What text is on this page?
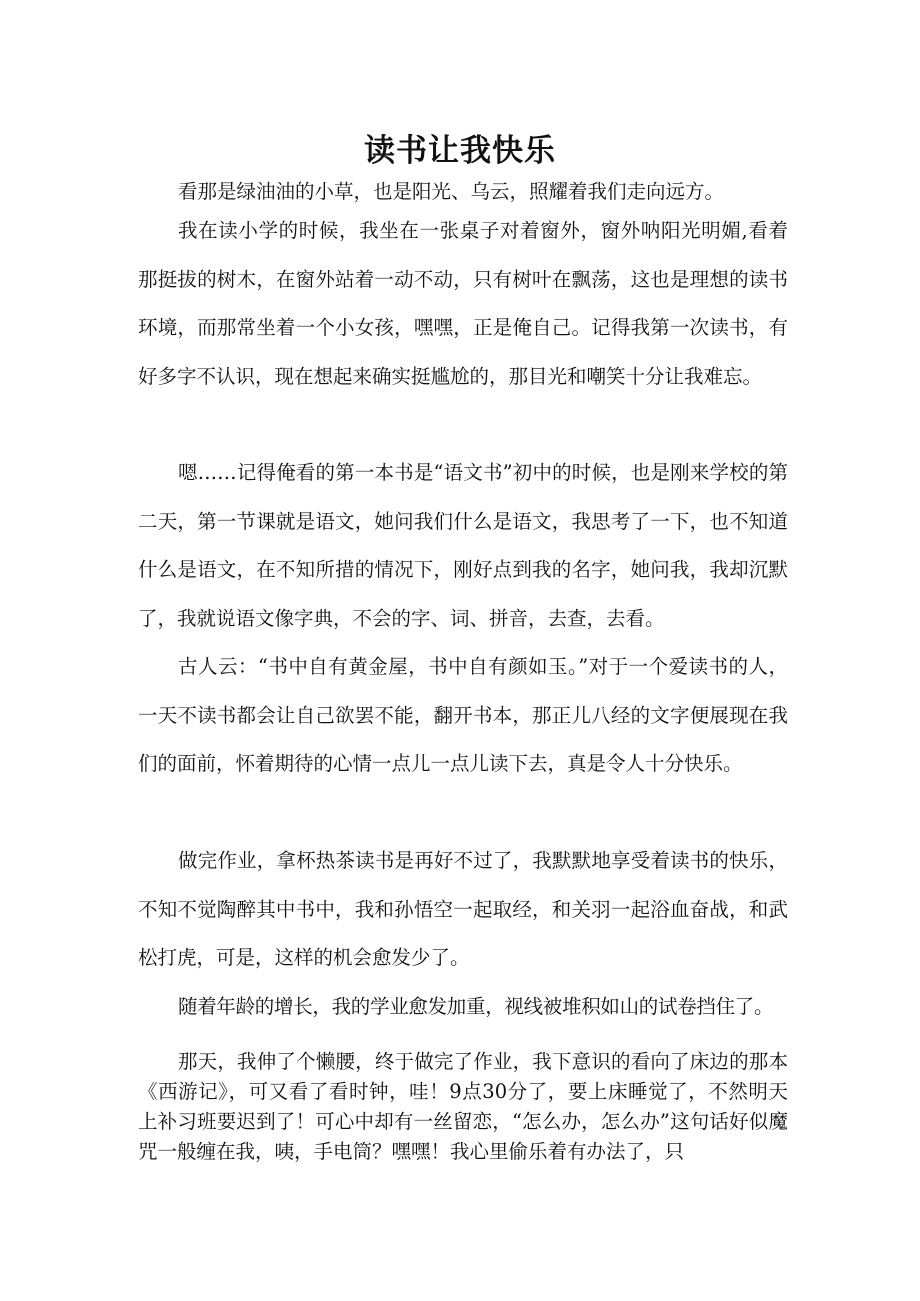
读书让我快乐

看那是绿油油的小草，也是阳光、乌云，照耀着我们走向远方。

我在读小学的时候，我坐在一张桌子对着窗外，窗外呐阳光明媚,看着那挺拔的树木，在窗外站着一动不动，只有树叶在飘荡，这也是理想的读书环境，而那常坐着一个小女孩，嘿嘿，正是俺自己。记得我第一次读书，有好多字不认识，现在想起来确实挺尴尬的，那目光和嘲笑十分让我难忘。

嗯……记得俺看的第一本书是“语文书”初中的时候，也是刚来学校的第二天，第一节课就是语文，她问我们什么是语文，我思考了一下，也不知道什么是语文，在不知所措的情况下，刚好点到我的名字，她问我，我却沉默了，我就说语文像字典，不会的字、词、拼音，去查，去看。

古人云：“书中自有黄金屋，书中自有颜如玉。”对于一个爱读书的人，一天不读书都会让自己欲罢不能，翻开书本，那正儿八经的文字便展现在我们的面前，怀着期待的心情一点儿一点儿读下去，真是令人十分快乐。

做完作业，拿杯热茶读书是再好不过了，我默默地享受着读书的快乐，不知不觉陶醉其中书中，我和孙悟空一起取经，和关羽一起浴血奋战，和武松打虎，可是，这样的机会愈发少了。

随着年龄的增长，我的学业愈发加重，视线被堆积如山的试卷挡住了。

那天，我伸了个懒腰，终于做完了作业，我下意识的看向了床边的那本《西游记》，可又看了看时钟，哇！9点30分了，要上床睡觉了，不然明天上补习班要迟到了！可心中却有一丝留恋，“怎么办，怎么办”这句话好似魔咒一般缠在我，咦，手电筒？嘿嘿！我心里偷乐着有办法了，只
